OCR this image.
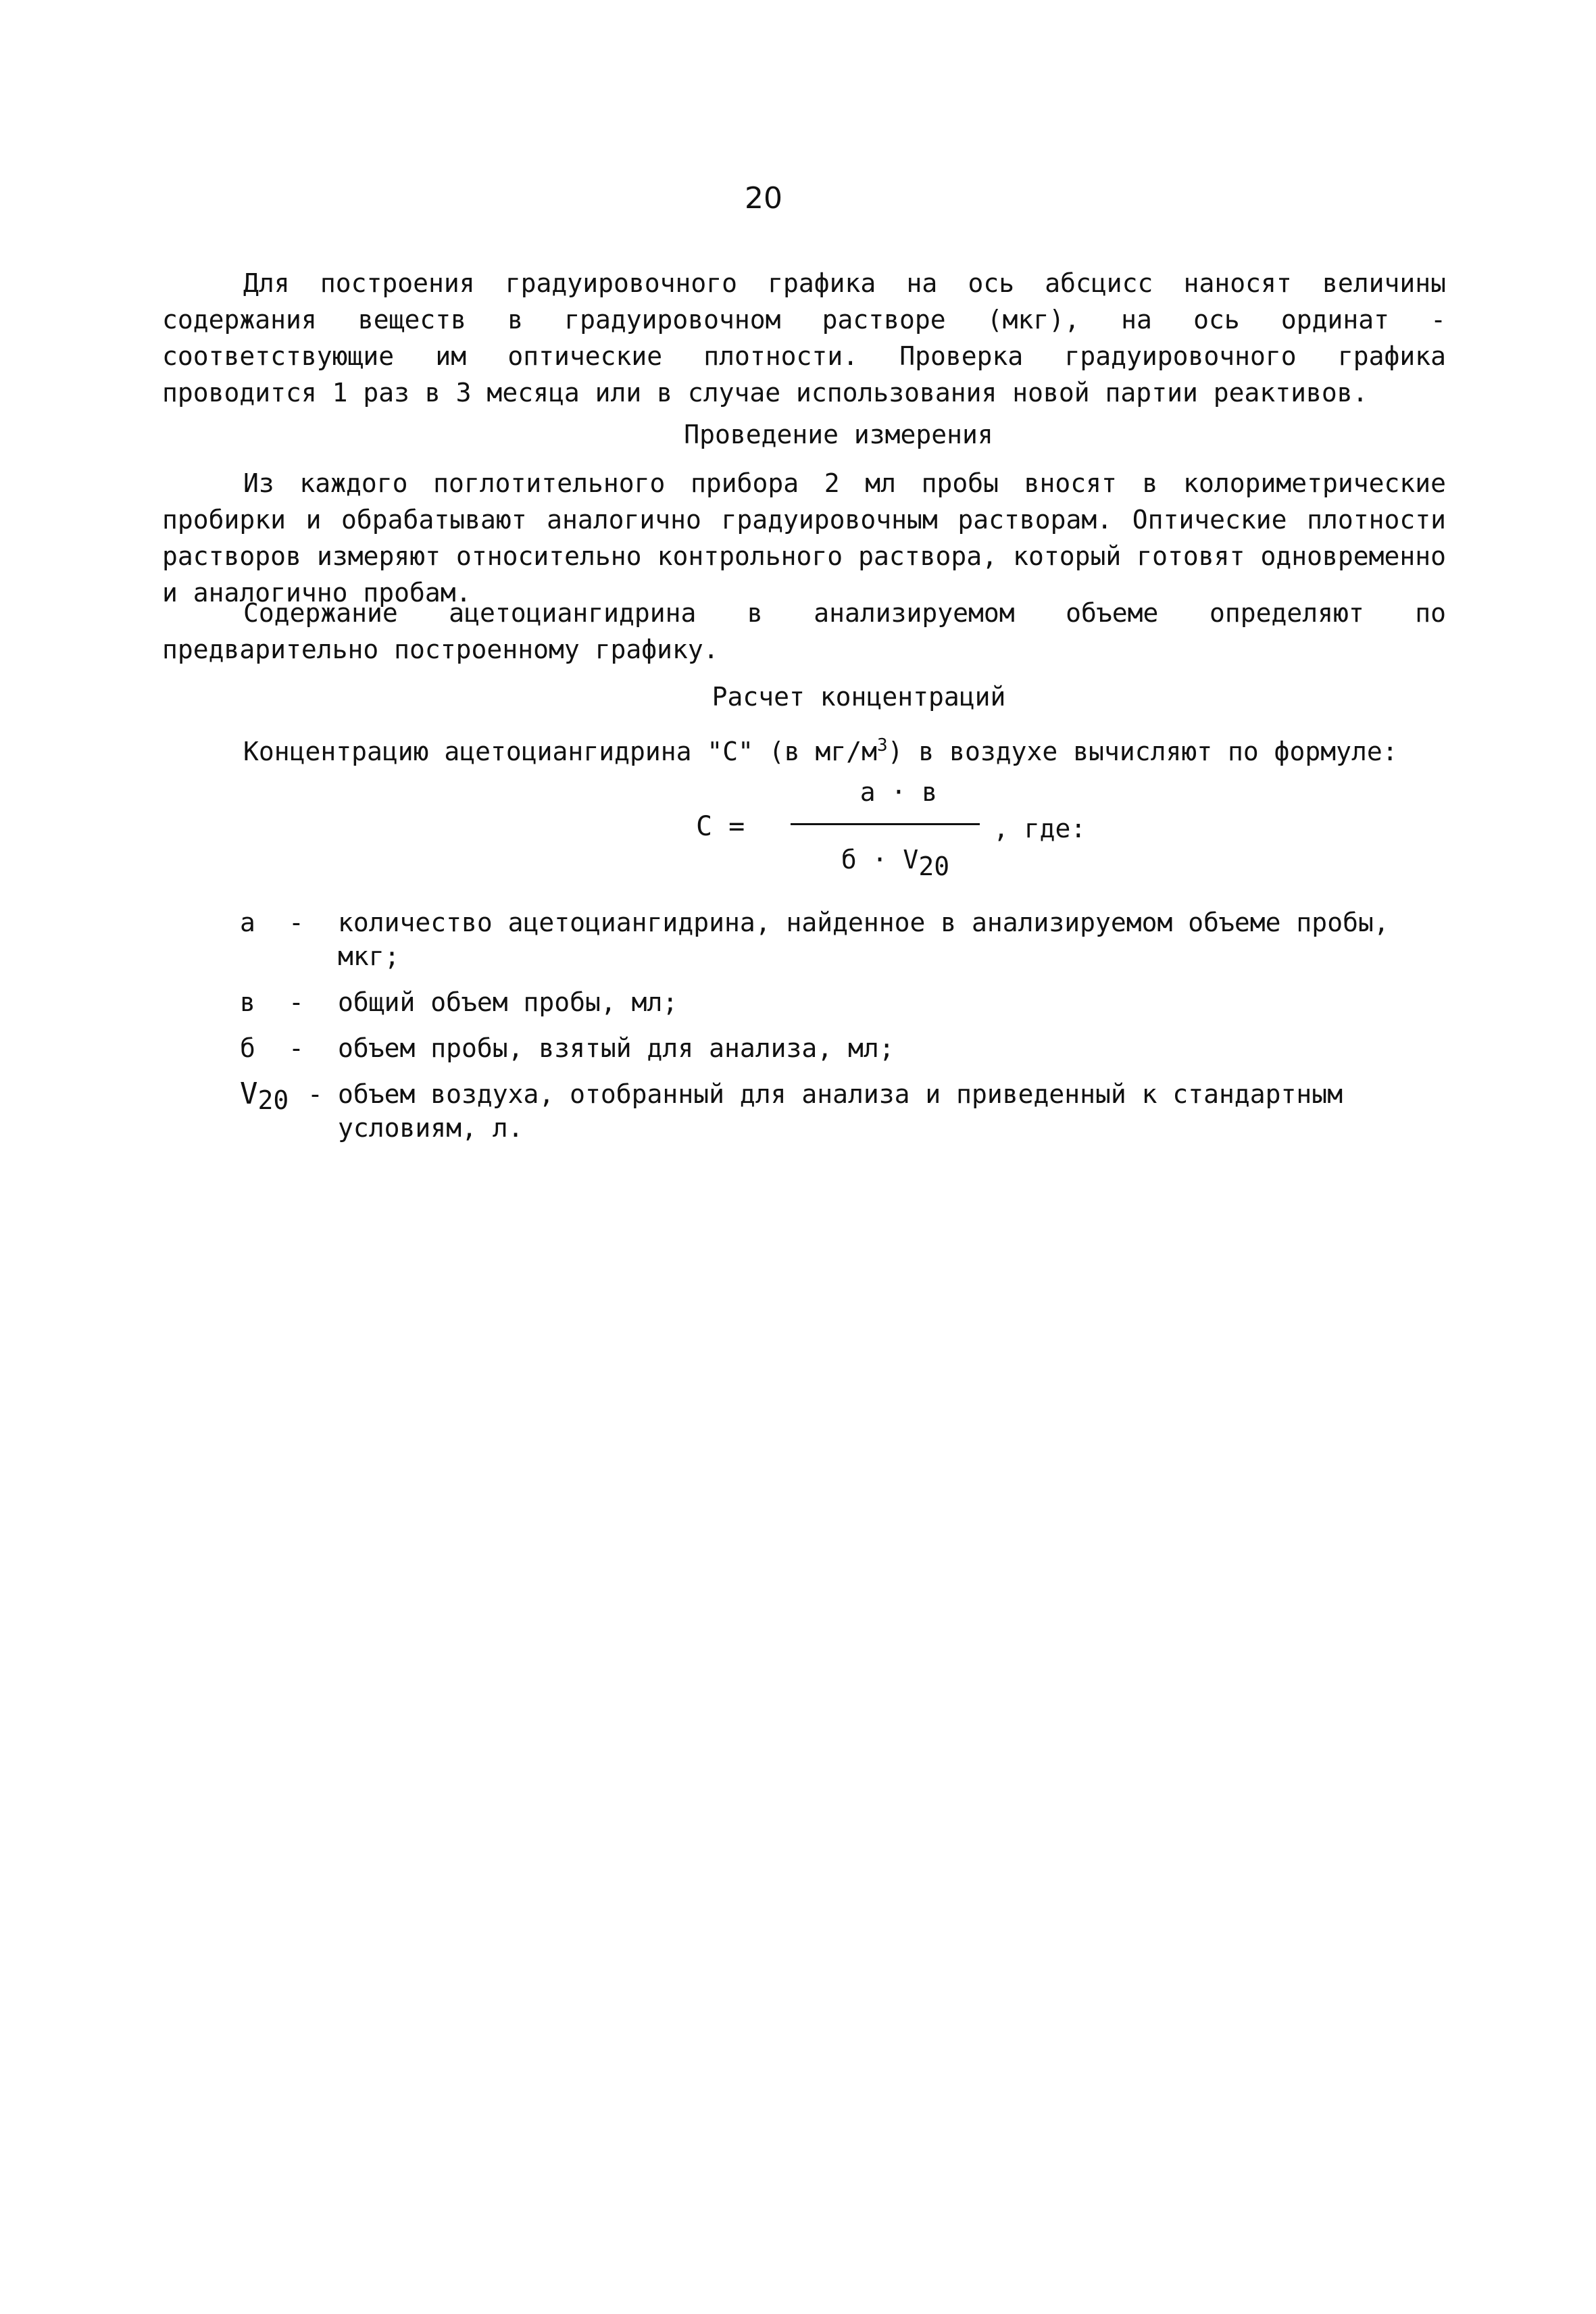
20

Для построения градуировочного графика на ось абсцисс наносят величины содержания веществ в градуировочном растворе (мкг), на ось ординат - соответствующие им оптические плотности. Проверка градуировочного графика проводится 1 раз в 3 месяца или в случае использования новой партии реактивов.

Проведение измерения

Из каждого поглотительного прибора 2 мл пробы вносят в колориметрические пробирки и обрабатывают аналогично градуировочным растворам. Оптические плотности растворов измеряют относительно контрольного раствора, который готовят одновременно и аналогично пробам.

Содержание ацетоциангидрина в анализируемом объеме определяют по предварительно построенному графику.

Расчет концентраций

Концентрацию ацетоциангидрина "С" (в $мг/м^3$) в воздухе вычисляют по формуле:

С =
а · в
$б \cdot V_{20}$
, где:
а	- количество ацетоциангидрина, найденное в анализируемом объеме пробы, мкг;
в	- общий объем пробы, мл;
б	- объем пробы, взятый для анализа, мл;
$V_{20}$ - объем воздуха, отобранный для анализа и приведенный к стандартным условиям, л.
